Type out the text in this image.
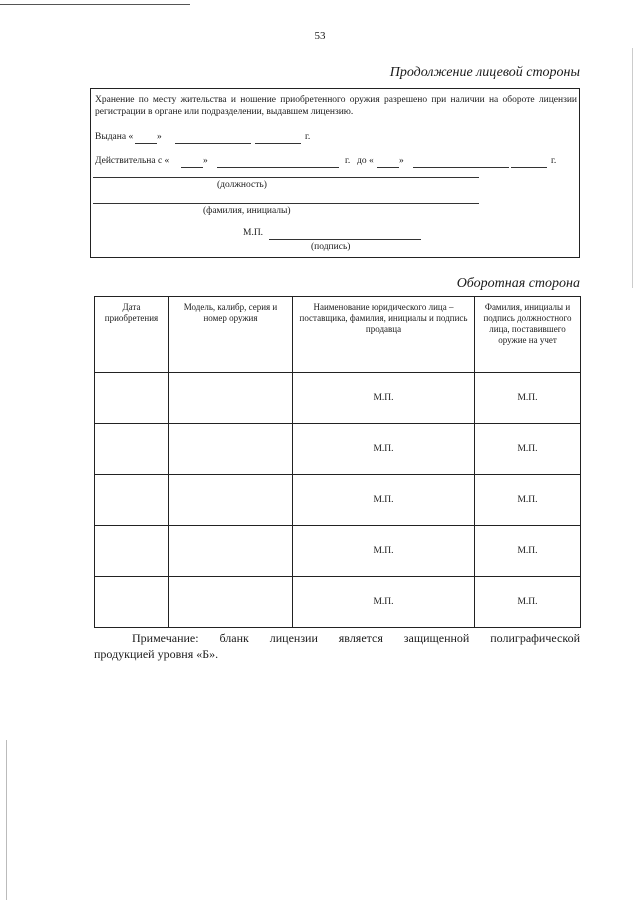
53
Продолжение лицевой стороны
Хранение по месту жительства и ношение приобретенного оружия разрешено при наличии на обороте лицензии регистрации в органе или подразделении, выдавшем лицензию.
Выдана «	»	г.
Действительна с «	»	г. до «	»	г.
(должность)
(фамилия, инициалы)
М.П.
(подпись)
Оборотная сторона
Дата приобретения	Модель, калибр, серия и номер оружия	Наименование юридического лица – поставщика, фамилия, инициалы и подпись продавца	Фамилия, инициалы и подпись должностного лица, поставившего оружие на учет
		М.П.	М.П.
		М.П.	М.П.
		М.П.	М.П.
		М.П.	М.П.
		М.П.	М.П.
Примечание: бланк лицензии является защищенной полиграфической
продукцией уровня «Б».
